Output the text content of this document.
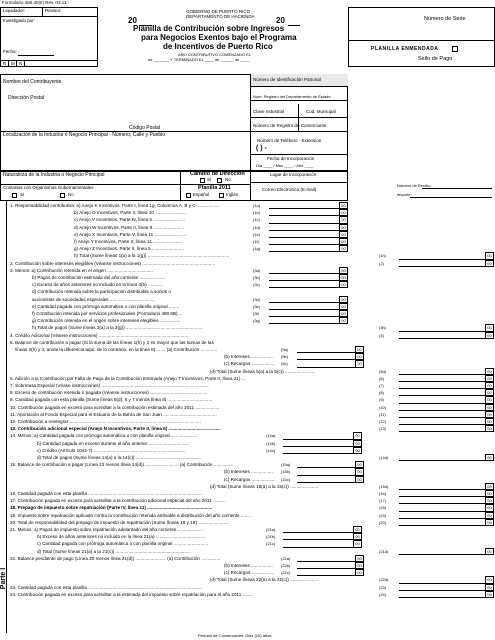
Formulario 480.30(II) Rev. 03.11
Liquidador:	Revisor:
Investigado por:
Fecha:
R M N
20
GOBIERNO DE PUERTO RICO
DEPARTAMENTO DE HACIENDA	20
Planilla de Contribución sobre Ingresos
para Negocios Exentos bajo el Programa
de Incentivos de Puerto Rico
AÑO CONTRIBUTIVO COMENZADO EL
de _______ Y TERMINADO EL ____ de ______ de ____
Número de Serie
PLANILLA ENMENDADA
Sello de Pago
Nombre del Contribuyente	Número de Identificación Patronal
Núm. Registro del Departamento de Estado
Dirección Postal
Clave Industrial	Cod. Municipal
Número de Registro de Comerciante
Código Postal
Localización de la Industria o Negocio Principal - Número, Calle y Pueblo
Número de Teléfono - Extensión
( ) -
Fecha de Incorporación
Día ____ / Mes ____ / Año ____
Naturaleza de la Industria o Negocio Principal	Cambio de Dirección
Sí	No
Lugar de Incorporación
Contratos con Organismos Gubernamentales
Sí	No
Planilla 2011
Español	Inglés
Correo Electrónico (E-mail)
Número de Recibo:
Importe:
Parte I
1. Responsabilidad contributiva: a) Anejo K Incentivos, Parte I, línea 1g, Columnas A, B y C ..................	(1a)	00
b) Anejo O Incentivos, Parte II, línea 10 ........................	(1b)	00
c) Anejo V Incentivos, Parte IV, línea 5 .........................	(1c)	00
d) Anejo W Incentivos, Parte II, línea 8 ........................	(1d)	00
e) Anejo X Incentivos, Parte V, línea 11 .........................	(1e)	00
f) Anejo Y Incentivos, Parte II, línea 11 .......................	(1f)	00
g) Anejo Z Incentivos, Parte II, línea 5 .........................	(1g)	00
h) Total (Sume líneas 1(a) a la 1(g)) ................................................................	(1h)	00
2. Contribución sobre intereses elegibles (Véanse instrucciones) .........................................................	(2)	00
3. Menos: a) Contribución retenida en el origen ....................................	(3a)	00
b) Pagos de contribución estimada del año corriente ....................	(3b)	00
c) Exceso de años anteriores no incluido en la línea 3(b) ............	(3c)	00
d) Contribución retenida sobre la participación distribuible a socios o
accionistas de sociedades especiales ...................................	(3d)	00
e) Cantidad pagada con prórroga automática o con planilla original ........	(3e)	00
f) Contribución retenida por servicios profesionales (Formulario 480.6B) ...	(3f)	00
g) Contribución retenida en el origen sobre intereses elegibles ................	(3g)	00
h) Total de pagos (Sume líneas 3(a) a la 3(g)) ............................................................	(3h)	00
4. Crédito Adicional (Véanse instrucciones) ......................................................................	(4)	00
5. Balance de contribución a pagar (Si la suma de las líneas 1(h) y 2 es mayor que las sumas de las
líneas 3(h) y 4, anote la diferencia aquí, de lo contrario, en la línea 8) ....... (a) Contribución .............	(5a)	00
(b) Intereses .................	(5b)	00
(c) Recargos ..................	(5c)	00
(d) Total (Sume líneas 5(a) a la 5(c)) ........................	(5d)	00
6. Adición a la Contribución por Falta de Pago de la Contribución Estimada (Anejo T Incentivos, Parte II, línea 21) ...	(6)	00
7. Sobretasa Especial (Véase instrucciones) ....................................................................................	(7)	00
8. Exceso de contribución retenida o pagada (Véanse instrucciones) .............................................	(8)	00
9. Cantidad pagada con esta planilla (Sume líneas 5(d), 6 y 7 menos línea 8) ...................................	(9)	00
10. Contribución pagada en exceso para acreditar a la contribución estimada del año 2011 ...................	(10)	00
11. Aportación al Fondo Especial para el Estuario de la Bahía de San Juan ..........................................	(11)	00
12. Contribución a reintegrar .......................................................................................................	(12)	00
13. Contribución adicional especial (Anejo N Incentivos, Parte II, línea 6) .........................................	(13)	00
14. Menos: a) Cantidad pagada con prórroga automática o con planilla original .....................	(14a)	00
b) Cantidad pagada en exceso durante el año anterior ................................	(14b)	00
c) Crédito (Artículo 1042-7) ........................................................................	(14c)	00
d) Total de pagos (Sume líneas 14(a) a la 14(c)) ...................................................	(14d)	00
15. Balance de contribución a pagar (Línea 13 menos línea 14(d)) .......................... (a) Contribución ...............	(15a)	00
(b) Intereses .................	(15b)	00
(c) Recargos ..................	(15c)	00
(d) Total (Sume líneas 15(a) a la 15(c)) ......................	(15d)	00
16. Cantidad pagada con esta planilla .........................................................................................	(16)	00
17. Contribución pagada en exceso para acreditar a la contribución adicional especial del año 2011 ..........	(17)	00
18. Prepago de impuesto sobre repatriación (Parte IV, línea 11) ...................................................	(18)	00
19. Impuesto sobre repatriación aplicado contra la contribución retenida atribuible a distribución del año corriente ........	(19)	00
20. Total de responsabilidad del prepago de impuesto de repatriación (Sume líneas 18 y 19) ........................	(20)	00
21. Menos: a) Pagos de impuesto sobre repatriación adelantado del año corriente ....................	(21a)	00
b) Exceso de años anteriores no incluido en la línea 21(a) .......................................	(21b)	00
c) Cantidad pagada con prórroga automática o con planilla original ...........................	(21c)	00
d) Total (Sume líneas 21(a) a la 21(c)) ...........................................................	(21d)	00
22. Balance pendiente de pago (Línea 20 menos línea 21(d)) ........................ (a) Contribución ...............	(22a)	00
(b) Intereses .................	(22b)	00
(c) Recargos ..................	(22c)	00
(d) Total (Sume líneas 22(a) a la 22(c)) ......................	(22d)	00
23. Cantidad pagada con esta planilla .........................................................................................	(23)	00
24. Contribución pagada en exceso para acreditar a la estimada del impuesto sobre repatriación para el año 2011 ........	(24)	00
Período de Conservación: Diez (10) años
